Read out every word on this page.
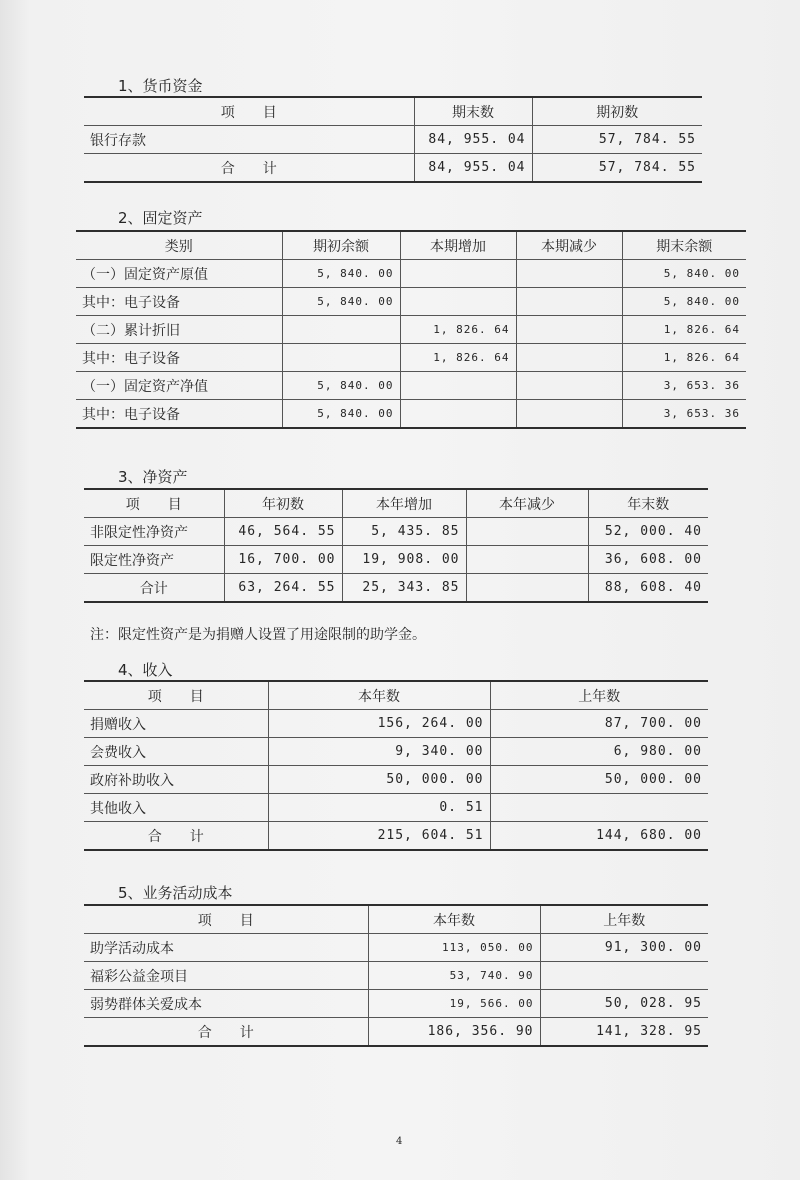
1、货币资金
项　　目	期末数	期初数
银行存款	84, 955. 04	57, 784. 55
合　　计	84, 955. 04	57, 784. 55
2、固定资产
类别	期初余额	本期增加	本期减少	期末余额
（一）固定资产原值	5, 840. 00			5, 840. 00
其中：电子设备	5, 840. 00			5, 840. 00
（二）累计折旧		1, 826. 64		1, 826. 64
其中：电子设备		1, 826. 64		1, 826. 64
（一）固定资产净值	5, 840. 00			3, 653. 36
其中：电子设备	5, 840. 00			3, 653. 36
3、净资产
项　　目	年初数	本年增加	本年减少	年末数
非限定性净资产	46, 564. 55	5, 435. 85		52, 000. 40
限定性净资产	16, 700. 00	19, 908. 00		36, 608. 00
合计	63, 264. 55	25, 343. 85		88, 608. 40
注：限定性资产是为捐赠人设置了用途限制的助学金。
4、收入
项　　目	本年数	上年数
捐赠收入	156, 264. 00	87, 700. 00
会费收入	9, 340. 00	6, 980. 00
政府补助收入	50, 000. 00	50, 000. 00
其他收入	0. 51	
合　　计	215, 604. 51	144, 680. 00
5、业务活动成本
项　　目	本年数	上年数
助学活动成本	113, 050. 00	91, 300. 00
福彩公益金项目	53, 740. 90	
弱势群体关爱成本	19, 566. 00	50, 028. 95
合　　计	186, 356. 90	141, 328. 95
4
